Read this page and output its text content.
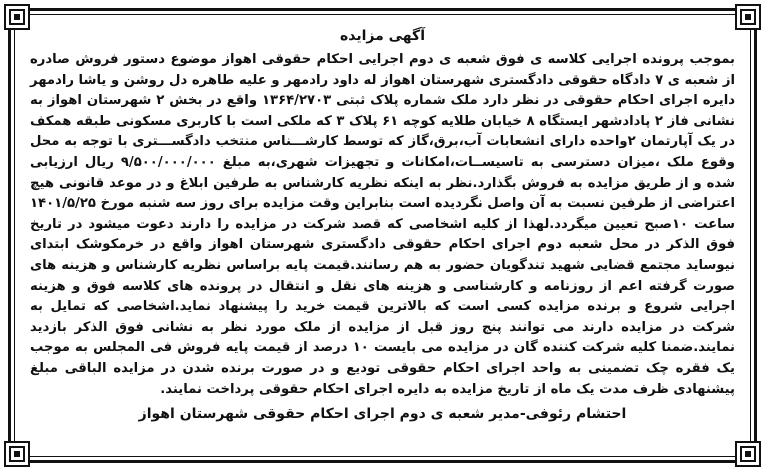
آگهی مزایده

بموجب پرونده اجرایی کلاسه ی فوق شعبه ی دوم اجرایی احکام حقوقی اهواز موضوع دستور فروش صادره از شعبه ی ۷ دادگاه حقوقی دادگستری شهرستان اهواز له داود رادمهر و علیه طاهره دل روشن و یاشا رادمهر دایره اجرای احکام حقوقی در نظر دارد ملک شماره پلاک ثبتی ۱۳۶۴/۲۷۰۳ واقع در بخش ۲ شهرستان اهواز به نشانی فاز ۲ پادادشهر ایستگاه ۸ خیابان طلایه کوچه ۶۱ پلاک ۳ که ملکی است با کاربری مسکونی طبقه همکف در یک آپارتمان ۲واحده دارای انشعابات آب،برق،گاز که توسط کارشـــناس منتخب دادگســـتری با توجه به محل وقوع ملک ،میزان دسترسی به تاسیســات،امکانات و تجهیزات شهری،به مبلغ ۹/۵۰۰/۰۰۰/۰۰۰ ریال ارزیابی شده و از طریق مزایده به فروش بگذارد.نظر به اینکه نظریه کارشناس به طرفین ابلاغ و در موعد قانونی هیچ اعتراضی از طرفین نسبت به آن واصل نگردیده است بنابراین وقت مزایده برای روز سه شنبه مورخ ۱۴۰۱/۵/۲۵ ساعت ۱۰صبح تعیین میگردد.لهذا از کلیه اشخاصی که قصد شرکت در مزایده را دارند دعوت میشود در تاریخ فوق الذکر در محل شعبه دوم اجرای احکام حقوقی دادگستری شهرستان اهواز واقع در خرمکوشک ابتدای نیوساید مجتمع قضایی شهید تندگویان حضور به هم رسانند.قیمت پایه براساس نظریه کارشناس و هزینه های صورت گرفته اعم از روزنامه و کارشناسی و هزینه های نقل و انتقال در پرونده های کلاسه فوق و هزینه اجرایی شروع و برنده مزایده کسی است که بالاترین قیمت خرید را پیشنهاد نماید.اشخاصی که تمایل به شرکت در مزایده دارند می توانند پنج روز قبل از مزایده از ملک مورد نظر به نشانی فوق الذکر بازدید نمایند.ضمنا کلیه شرکت کننده گان در مزایده می بایست ۱۰ درصد از قیمت پایه فروش فی المجلس به موجب یک فقره چک تضمینی به واحد اجرای احکام حقوقی تودیع و در صورت برنده شدن در مزایده الباقی مبلغ پیشنهادی ظرف مدت یک ماه از تاریخ مزایده به دایره اجرای احکام حقوقی پرداخت نمایند.

احتشام رئوفی-مدیر شعبه ی دوم اجرای احکام حقوقی شهرستان اهواز
